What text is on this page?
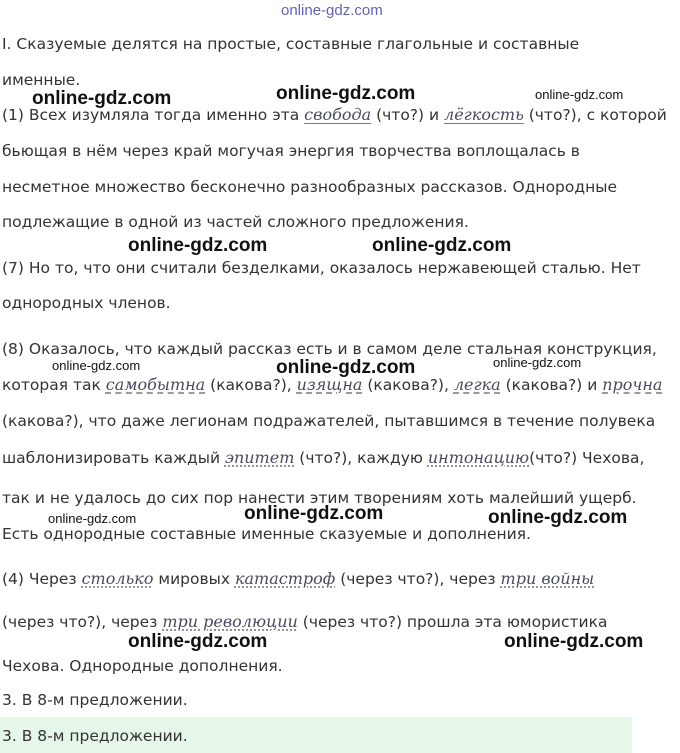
online-gdz.com
I. Сказуемые делятся на простые, составные глагольные и составные
именные.
online-gdz.com	online-gdz.com	online-gdz.com
(1) Всех изумляла тогда именно эта свобода (что?) и лёгкость (что?), с которой
бьющая в нём через край могучая энергия творчества воплощалась в
несметное множество бесконечно разнообразных рассказов. Однородные
подлежащие в одной из частей сложного предложения.
online-gdz.com	online-gdz.com
(7) Но то, что они считали безделками, оказалось нержавеющей сталью. Нет
однородных членов.
(8) Оказалось, что каждый рассказ есть и в самом деле стальная конструкция,
online-gdz.com	online-gdz.com	online-gdz.com
которая так самобытна (какова?), изящна (какова?), легка (какова?) и прочна
(какова?), что даже легионам подражателей, пытавшимся в течение полувека
шаблонизировать каждый эпитет (что?), каждую интонацию(что?) Чехова,
так и не удалось до сих пор нанести этим творениям хоть малейший ущерб.
online-gdz.com	online-gdz.com	online-gdz.com
Есть однородные составные именные сказуемые и дополнения.
(4) Через столько мировых катастроф (через что?), через три войны
(через что?), через три революции (через что?) прошла эта юмористика
online-gdz.com	online-gdz.com
Чехова. Однородные дополнения.
3. В 8-м предложении.
3. В 8-м предложении.
